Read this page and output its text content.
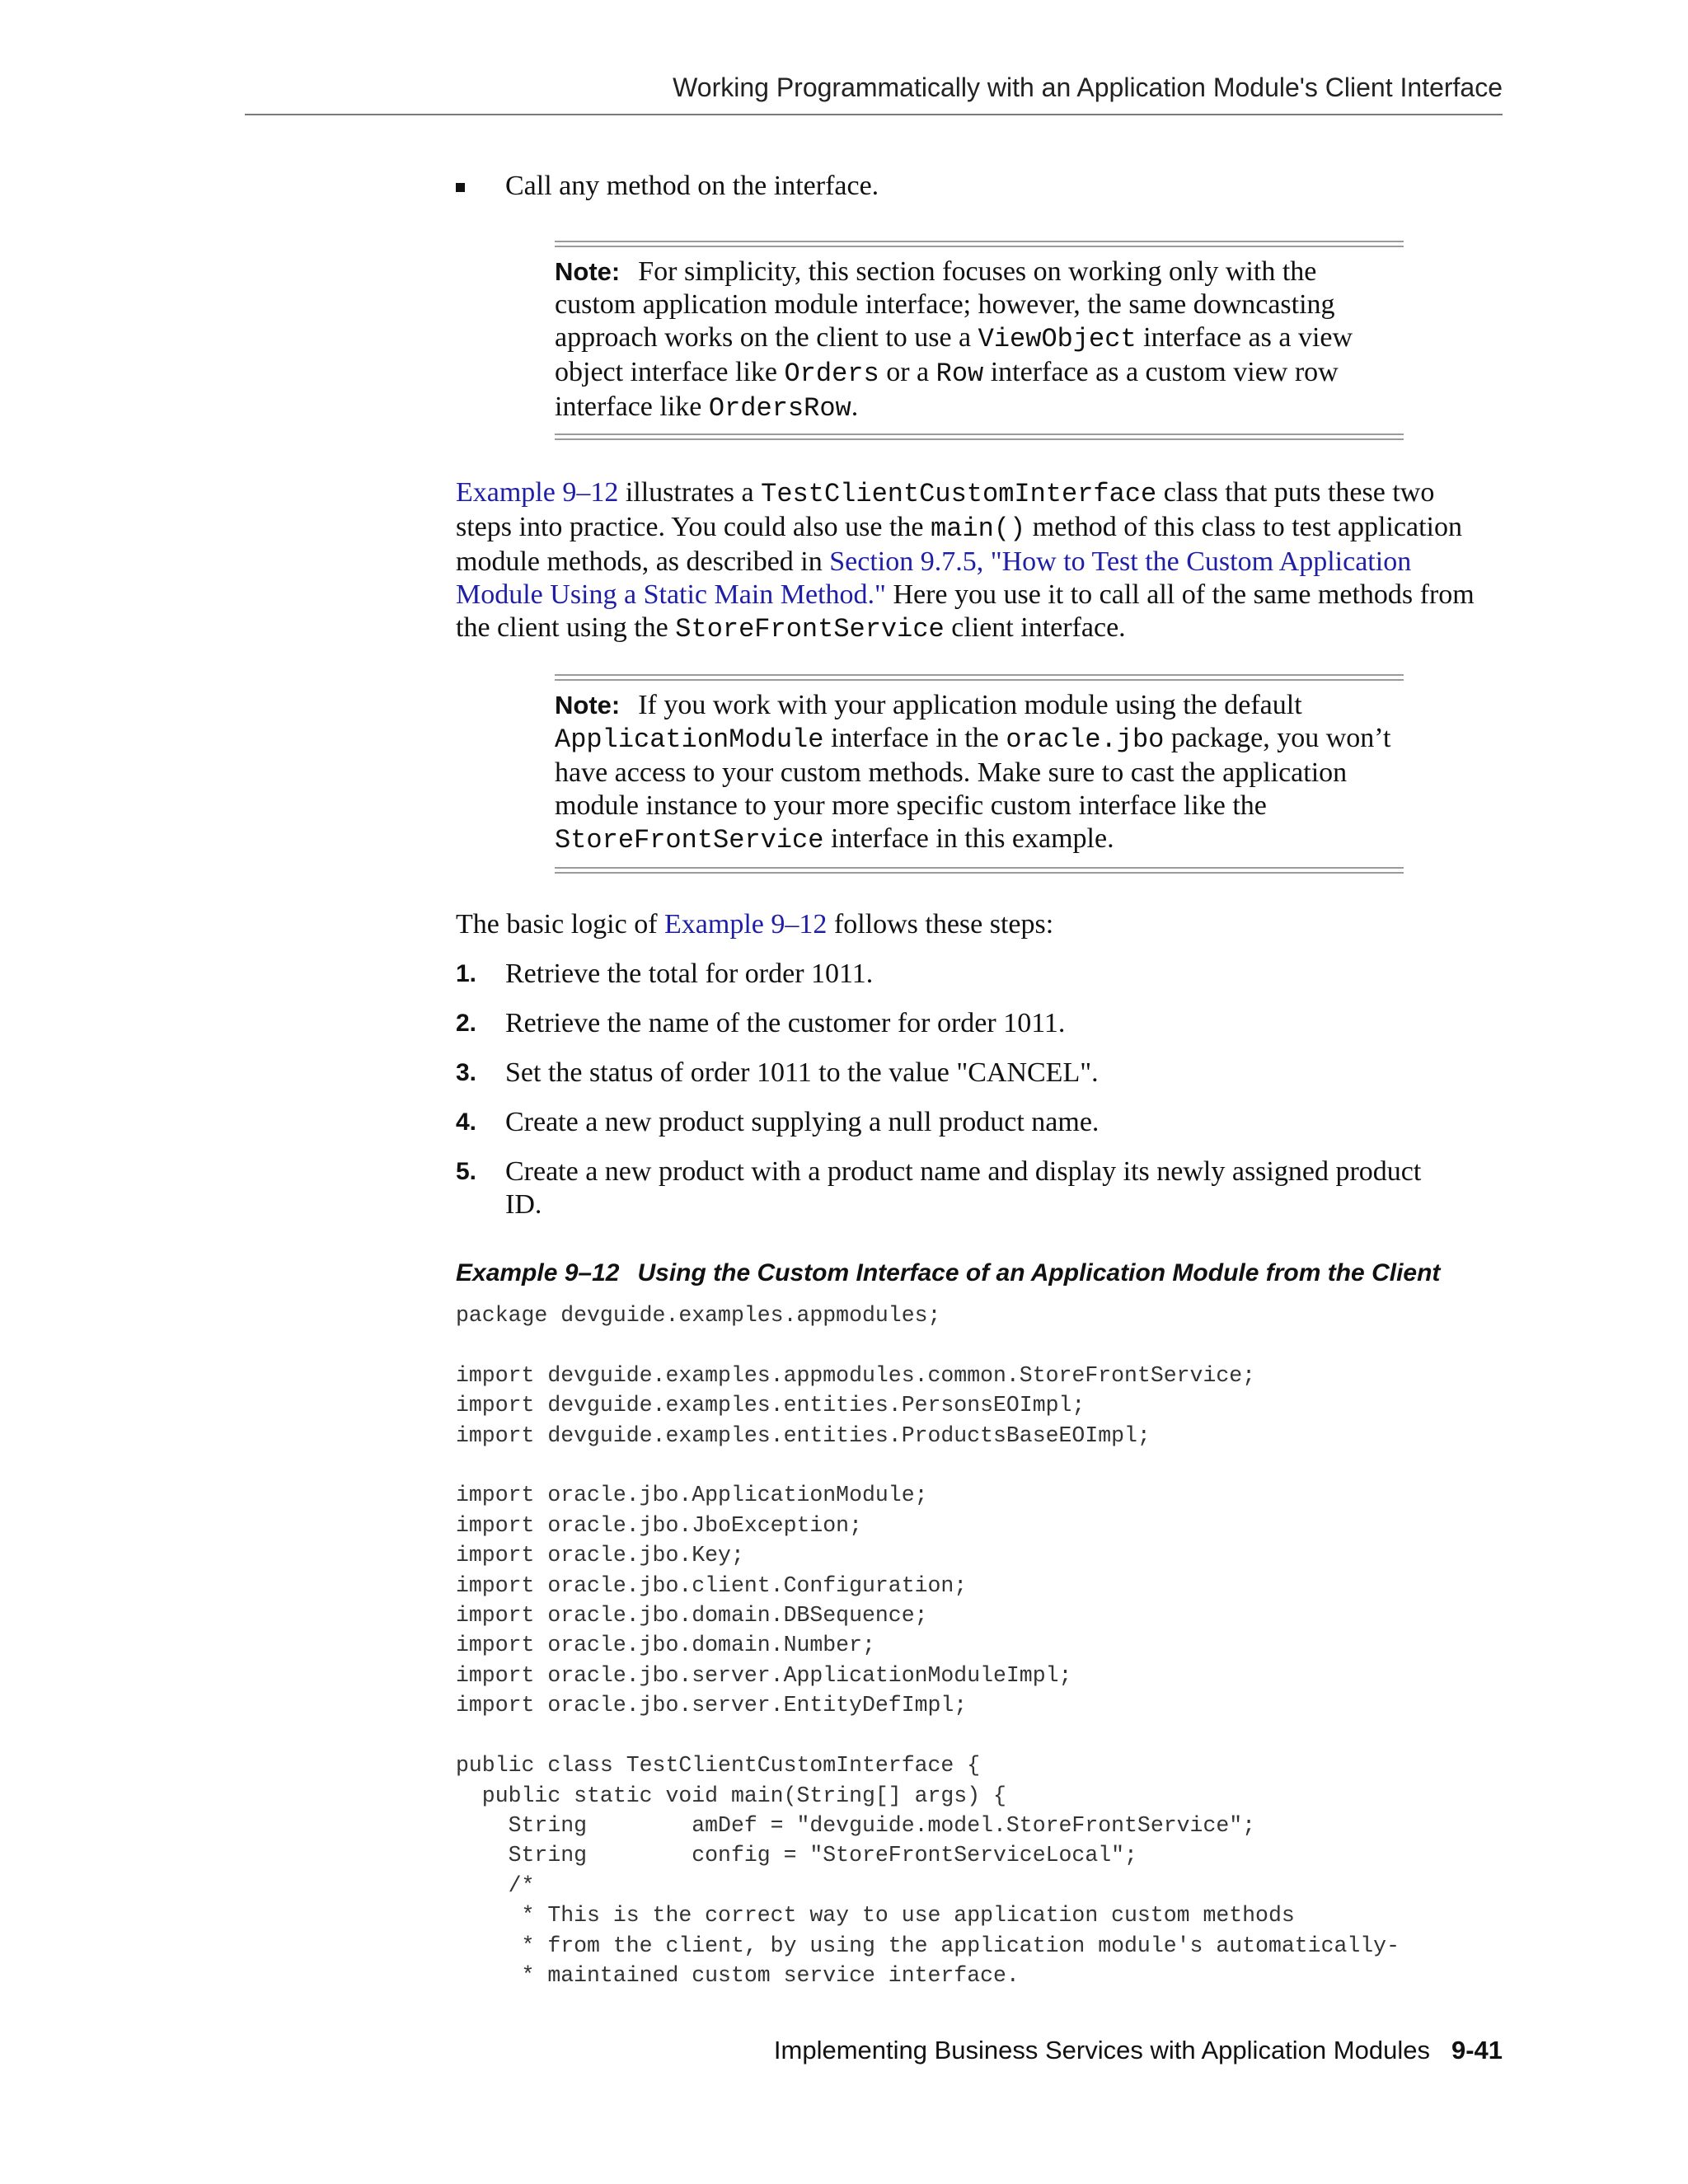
Working Programmatically with an Application Module's Client Interface
Call any method on the interface.
Note: For simplicity, this section focuses on working only with the custom application module interface; however, the same downcasting approach works on the client to use a ViewObject interface as a view object interface like Orders or a Row interface as a custom view row interface like OrdersRow.
Example 9–12 illustrates a TestClientCustomInterface class that puts these two steps into practice. You could also use the main() method of this class to test application module methods, as described in Section 9.7.5, "How to Test the Custom Application Module Using a Static Main Method." Here you use it to call all of the same methods from the client using the StoreFrontService client interface.
Note: If you work with your application module using the default ApplicationModule interface in the oracle.jbo package, you won’t have access to your custom methods. Make sure to cast the application module instance to your more specific custom interface like the StoreFrontService interface in this example.
The basic logic of Example 9–12 follows these steps:
1. Retrieve the total for order 1011.
2. Retrieve the name of the customer for order 1011.
3. Set the status of order 1011 to the value "CANCEL".
4. Create a new product supplying a null product name.
5. Create a new product with a product name and display its newly assigned product ID.
Example 9–12 Using the Custom Interface of an Application Module from the Client
package devguide.examples.appmodules;

import devguide.examples.appmodules.common.StoreFrontService;
import devguide.examples.entities.PersonsEOImpl;
import devguide.examples.entities.ProductsBaseEOImpl;

import oracle.jbo.ApplicationModule;
import oracle.jbo.JboException;
import oracle.jbo.Key;
import oracle.jbo.client.Configuration;
import oracle.jbo.domain.DBSequence;
import oracle.jbo.domain.Number;
import oracle.jbo.server.ApplicationModuleImpl;
import oracle.jbo.server.EntityDefImpl;

public class TestClientCustomInterface {
public static void main(String[] args) {
String        amDef = "devguide.model.StoreFrontService";
String        config = "StoreFrontServiceLocal";
/*
* This is the correct way to use application custom methods
* from the client, by using the application module's automatically-
* maintained custom service interface.
Implementing Business Services with Application Modules 9-41
